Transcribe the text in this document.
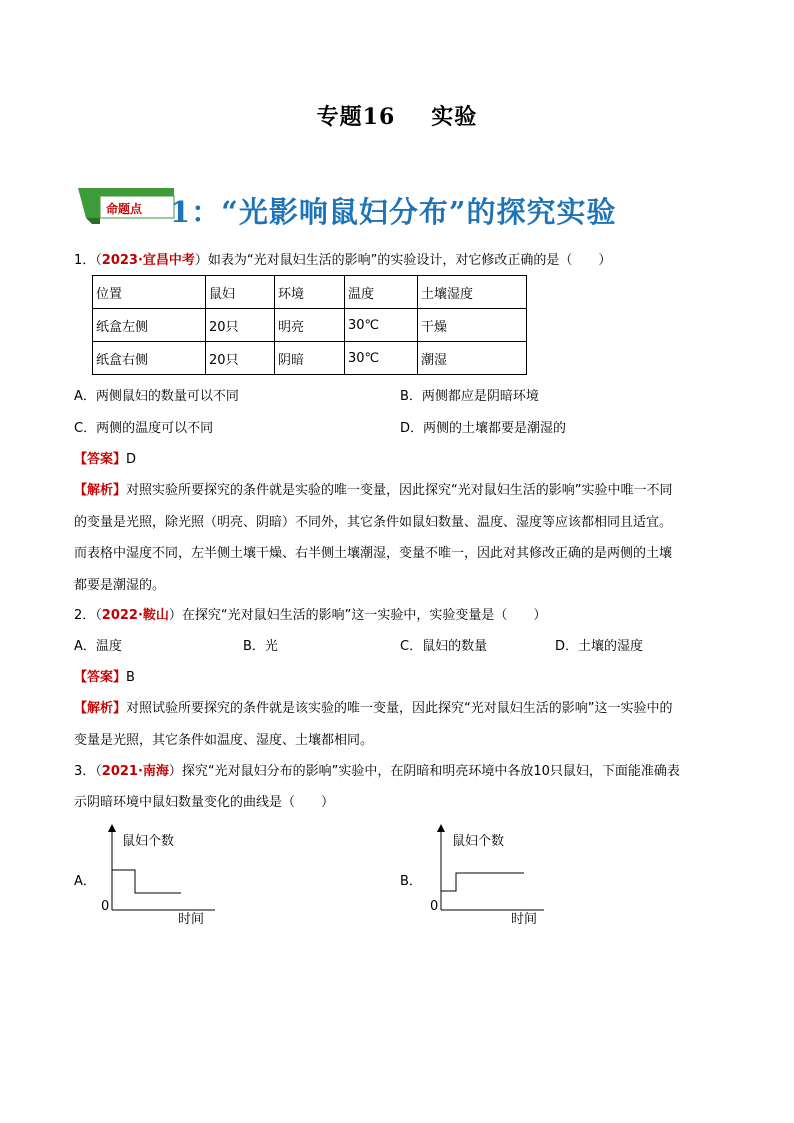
专题16 实验
命题点 1：“光影响鼠妇分布”的探究实验
1．（2023·宜昌中考）如表为“光对鼠妇生活的影响”的实验设计，对它修改正确的是（　　）
位置	鼠妇	环境	温度	土壤湿度
纸盒左侧	20只	明亮	30℃	干燥
纸盒右侧	20只	阴暗	30℃	潮湿
A．两侧鼠妇的数量可以不同	B．两侧都应是阴暗环境
C．两侧的温度可以不同	D．两侧的土壤都要是潮湿的
【答案】D
【解析】对照实验所要探究的条件就是实验的唯一变量，因此探究“光对鼠妇生活的影响”实验中唯一不同
的变量是光照，除光照（明亮、阴暗）不同外，其它条件如鼠妇数量、温度、湿度等应该都相同且适宜。
而表格中湿度不同，左半侧土壤干燥、右半侧土壤潮湿，变量不唯一，因此对其修改正确的是两侧的土壤
都要是潮湿的。
2．（2022·鞍山）在探究“光对鼠妇生活的影响”这一实验中，实验变量是（　　）
A．温度	B．光	C．鼠妇的数量	D．土壤的湿度
【答案】B
【解析】对照试验所要探究的条件就是该实验的唯一变量，因此探究“光对鼠妇生活的影响”这一实验中的
变量是光照，其它条件如温度、湿度、土壤都相同。
3．（2021·南海）探究“光对鼠妇分布的影响”实验中，在阴暗和明亮环境中各放10只鼠妇，下面能准确表
示阴暗环境中鼠妇数量变化的曲线是（　　）
A．
鼠妇个数
0
时间
B．
鼠妇个数
0
时间
